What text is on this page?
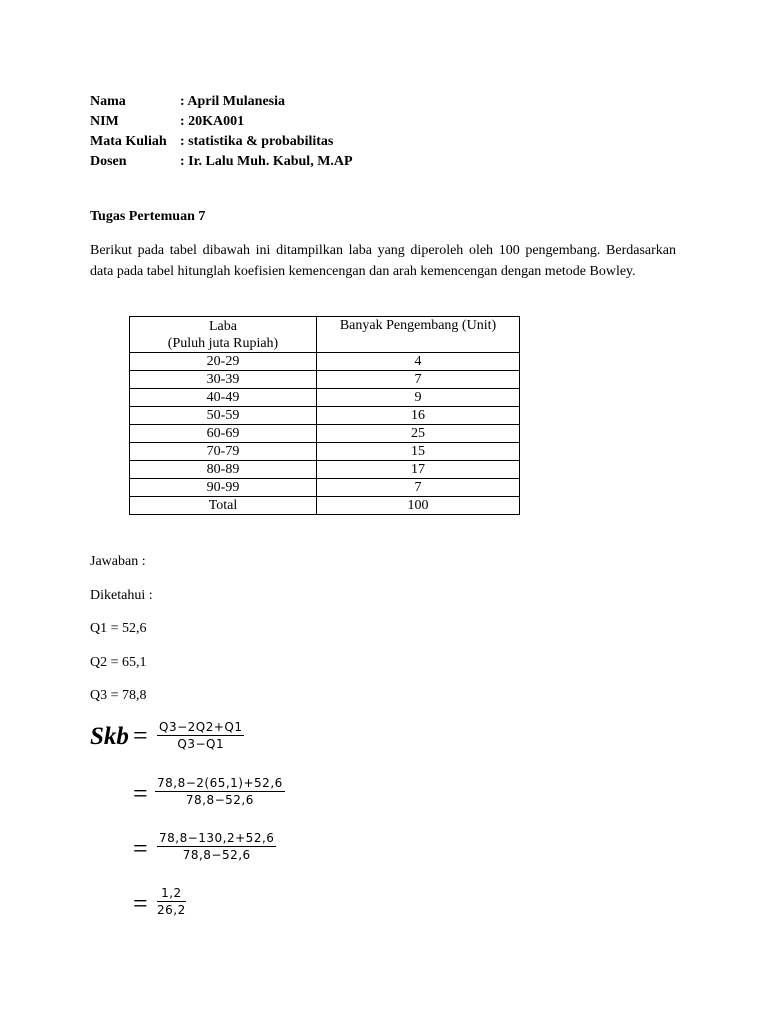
Nama	: April Mulanesia
NIM	: 20KA001
Mata Kuliah : statistika & probabilitas
Dosen	: Ir. Lalu Muh. Kabul, M.AP
Tugas Pertemuan 7
Berikut pada tabel dibawah ini ditampilkan laba yang diperoleh oleh 100 pengembang. Berdasarkan data pada tabel hitunglah koefisien kemencengan dan arah kemencengan dengan metode Bowley.
Laba
(Puluh juta Rupiah)	Banyak Pengembang (Unit)
20-29	4
30-39	7
40-49	9
50-59	16
60-69	25
70-79	15
80-89	17
90-99	7
Total	100
Jawaban :
Diketahui :
Q1 = 52,6
Q2 = 65,1
Q3 = 78,8
Skb = Q3−2Q2+Q1
Q3−Q1
= 78,8−2(65,1)+52,6
78,8−52,6
= 78,8−130,2+52,6
78,8−52,6
=	1,2
26,2
